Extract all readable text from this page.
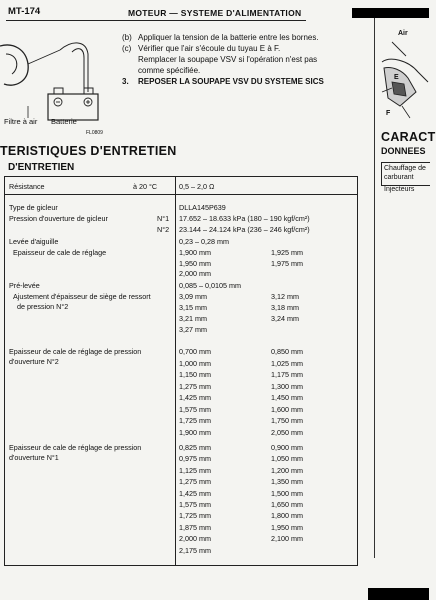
MT-174	MOTEUR — SYSTEME D'ALIMENTATION
Filtre à air Batterie
FL0809
(b) Appliquer la tension de la batterie entre les bornes.
(c) Vérifier que l'air s'écoule du tuyau E à F.
Remplacer la soupape VSV si l'opération n'est pas
comme spécifiée.
3. REPOSER LA SOUPAPE VSV DU SYSTEME SICS
TERISTIQUES D'ENTRETIEN
D'ENTRETIEN
Résistance	à 20 °C	0,5 – 2,0 Ω
Type de gicleur	DLLA145P639
Pression d'ouverture de gicleur	N°1 17.652 – 18.633 kPa (180 – 190 kgf/cm²)
N°2 23.144 – 24.124 kPa (236 – 246 kgf/cm²)
Levée d'aiguille	0,23 – 0,28 mm
Epaisseur de cale de réglage	1,900 mm	1,925 mm
1,950 mm	1,975 mm
2,000 mm
Pré-levée	0,085 – 0,0105 mm
Ajustement d'épaisseur de siège de ressort
de pression N°2
3,09 mm	3,12 mm
3,15 mm	3,18 mm
3,21 mm	3,24 mm
3,27 mm
Epaisseur de cale de réglage de pression
d'ouverture N°2
0,700 mm	0,850 mm
1,000 mm	1,025 mm
1,150 mm	1,175 mm
1,275 mm	1,300 mm
1,425 mm	1,450 mm
1,575 mm	1,600 mm
1,725 mm	1,750 mm
1,900 mm	2,050 mm
Epaisseur de cale de réglage de pression
d'ouverture N°1
0,825 mm	0,900 mm
0,975 mm	1,050 mm
1,125 mm	1,200 mm
1,275 mm	1,350 mm
1,425 mm	1,500 mm
1,575 mm	1,650 mm
1,725 mm	1,800 mm
1,875 mm	1,950 mm
2,000 mm	2,100 mm
2,175 mm
Air
E
F
CARACT
DONNEES
Chauffage de
carburant
Injecteurs
